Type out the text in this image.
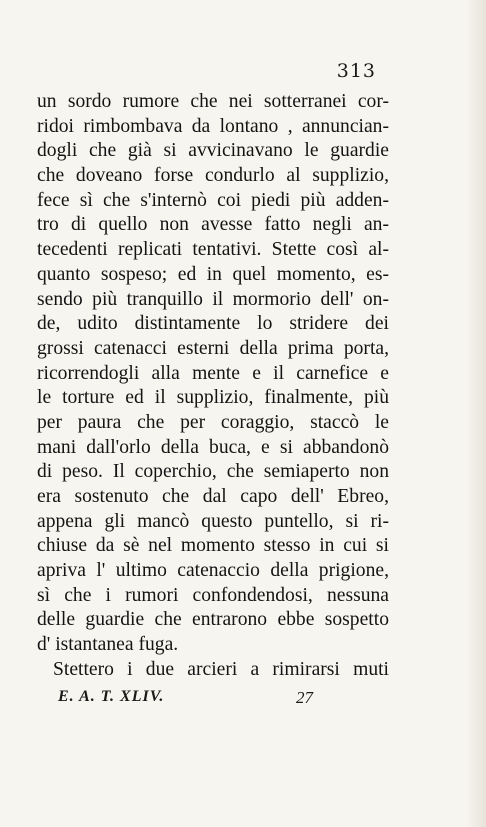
313
un sordo rumore che nei sotterranei cor-
ridoi rimbombava da lontano , annuncian-
dogli che già si avvicinavano le guardie
che doveano forse condurlo al supplizio,
fece sì che s'internò coi piedi più adden-
tro di quello non avesse fatto negli an-
tecedenti replicati tentativi. Stette così al-
quanto sospeso; ed in quel momento, es-
sendo più tranquillo il mormorio dell' on-
de, udito distintamente lo stridere dei
grossi catenacci esterni della prima porta,
ricorrendogli alla mente e il carnefice e
le torture ed il supplizio, finalmente, più
per paura che per coraggio, staccò le
mani dall'orlo della buca, e si abbandonò
di peso. Il coperchio, che semiaperto non
era sostenuto che dal capo dell' Ebreo,
appena gli mancò questo puntello, si ri-
chiuse da sè nel momento stesso in cui si
apriva l' ultimo catenaccio della prigione,
sì che i rumori confondendosi, nessuna
delle guardie che entrarono ebbe sospetto
d' istantanea fuga.
Stettero i due arcieri a rimirarsi muti
E. A. T. XLIV.	27
